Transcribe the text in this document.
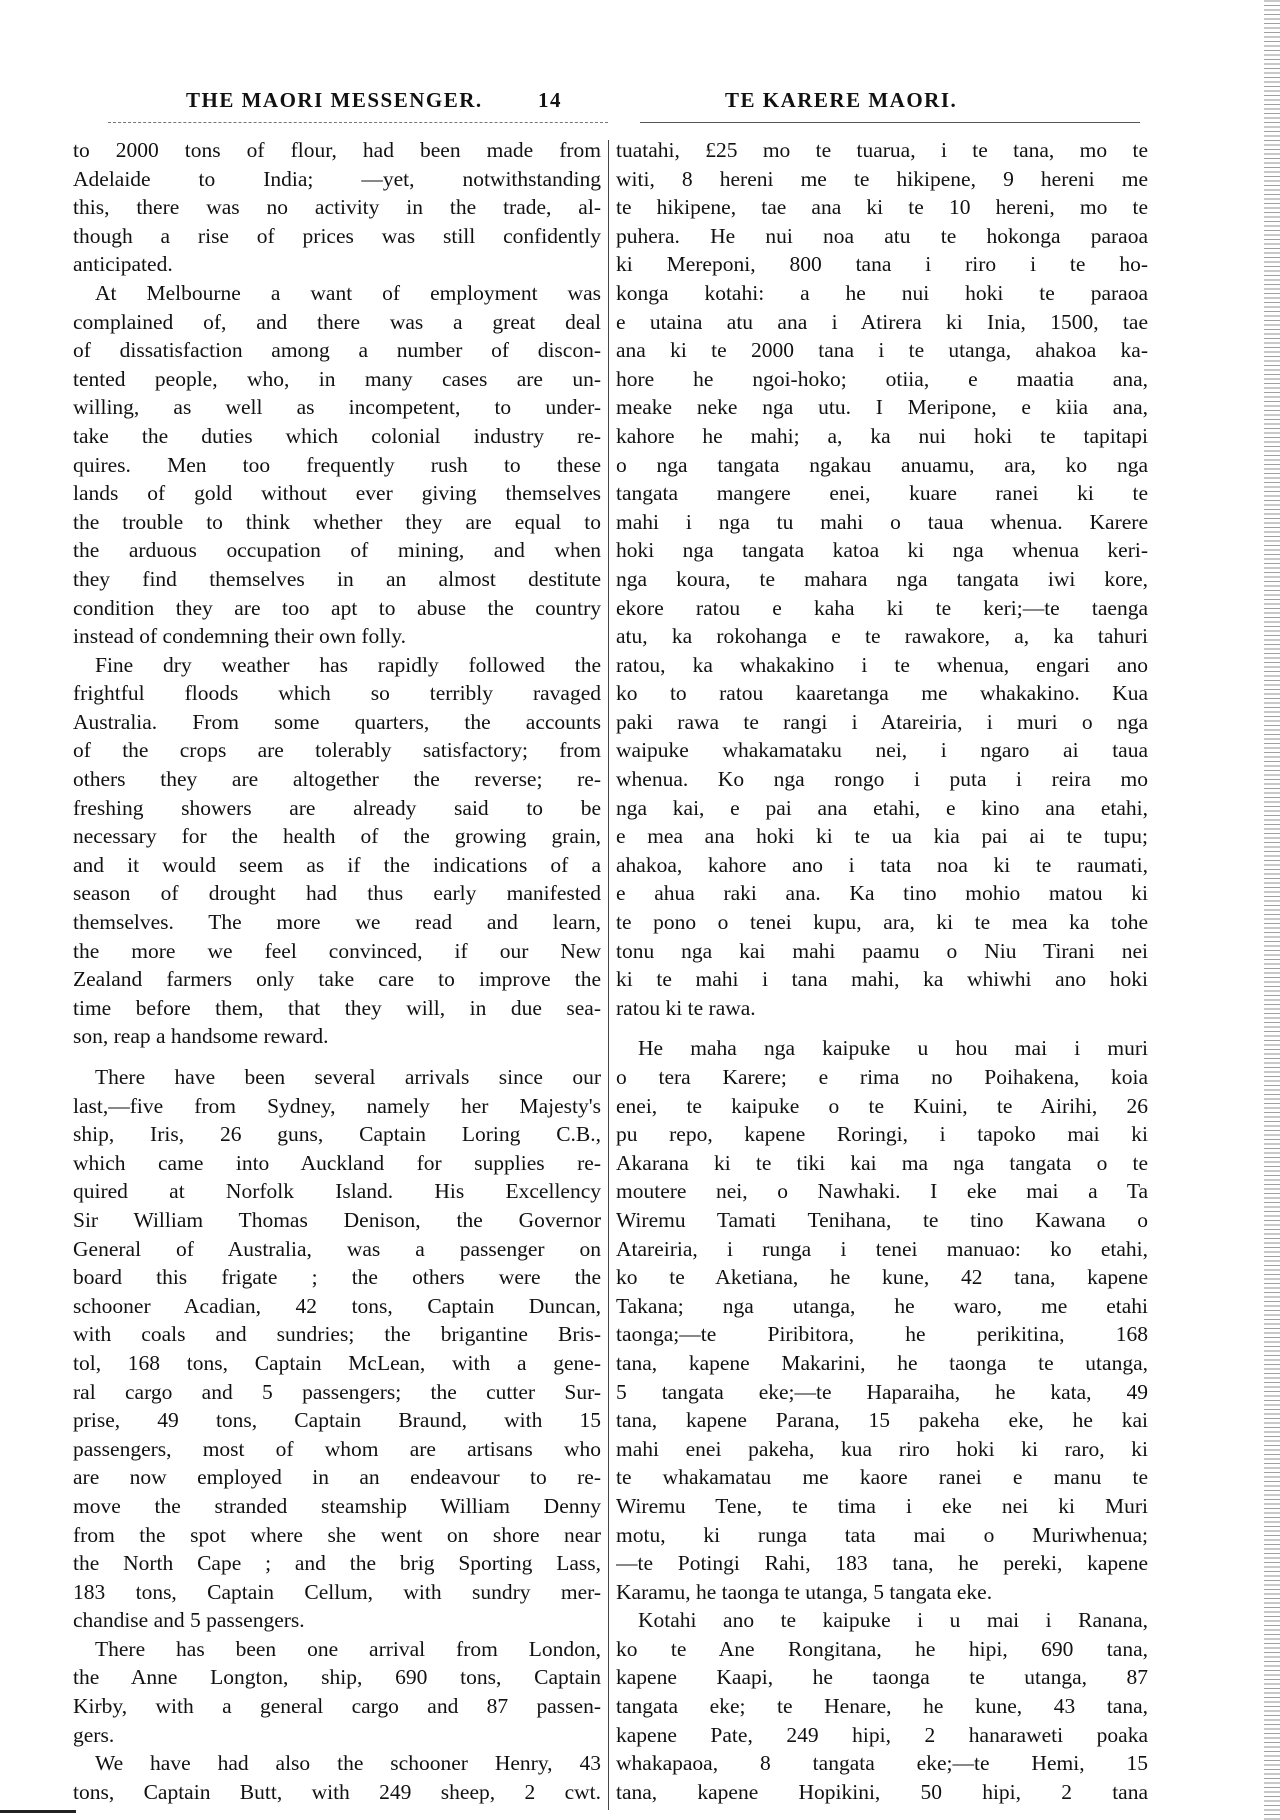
THE MAORI MESSENGER.	14	TE KARERE MAORI.
to 2000 tons of flour, had been made from
Adelaide to India; —yet, notwithstanding
this, there was no activity in the trade, al-
though a rise of prices was still confidently
anticipated.
At Melbourne a want of employment was
complained of, and there was a great deal
of dissatisfaction among a number of discon-
tented people, who, in many cases are un-
willing, as well as incompetent, to under-
take the duties which colonial industry re-
quires. Men too frequently rush to these
lands of gold without ever giving themselves
the trouble to think whether they are equal to
the arduous occupation of mining, and when
they find themselves in an almost destitute
condition they are too apt to abuse the country
instead of condemning their own folly.
Fine dry weather has rapidly followed the
frightful floods which so terribly ravaged
Australia. From some quarters, the accounts
of the crops are tolerably satisfactory; from
others they are altogether the reverse; re-
freshing showers are already said to be
necessary for the health of the growing grain,
and it would seem as if the indications of a
season of drought had thus early manifested
themselves. The more we read and learn,
the more we feel convinced, if our New
Zealand farmers only take care to improve the
time before them, that they will, in due sea-
son, reap a handsome reward.
There have been several arrivals since our
last,—five from Sydney, namely her Majesty's
ship, Iris, 26 guns, Captain Loring C.B.,
which came into Auckland for supplies re-
quired at Norfolk Island. His Excellency
Sir William Thomas Denison, the Governor
General of Australia, was a passenger on
board this frigate ; the others were the
schooner Acadian, 42 tons, Captain Duncan,
with coals and sundries; the brigantine Bris-
tol, 168 tons, Captain McLean, with a gene-
ral cargo and 5 passengers; the cutter Sur-
prise, 49 tons, Captain Braund, with 15
passengers, most of whom are artisans who
are now employed in an endeavour to re-
move the stranded steamship William Denny
from the spot where she went on shore near
the North Cape ; and the brig Sporting Lass,
183 tons, Captain Cellum, with sundry mer-
chandise and 5 passengers.
There has been one arrival from London,
the Anne Longton, ship, 690 tons, Captain
Kirby, with a general cargo and 87 passen-
gers.
We have had also the schooner Henry, 43
tons, Captain Butt, with 249 sheep, 2 cwt.
tuatahi, £25 mo te tuarua, i te tana, mo te
witi, 8 hereni me te hikipene, 9 hereni me
te hikipene, tae ana ki te 10 hereni, mo te
puhera. He nui noa atu te hokonga paraoa
ki Mereponi, 800 tana i riro i te ho-
konga kotahi: a he nui hoki te paraoa
e utaina atu ana i Atirera ki Inia, 1500, tae
ana ki te 2000 tana i te utanga, ahakoa ka-
hore he ngoi-hoko; otiia, e maatia ana,
meake neke nga utu. I Meripone, e kiia ana,
kahore he mahi; a, ka nui hoki te tapitapi
o nga tangata ngakau anuamu, ara, ko nga
tangata mangere enei, kuare ranei ki te
mahi i nga tu mahi o taua whenua. Karere
hoki nga tangata katoa ki nga whenua keri-
nga koura, te mahara nga tangata iwi kore,
ekore ratou e kaha ki te keri;—te taenga
atu, ka rokohanga e te rawakore, a, ka tahuri
ratou, ka whakakino i te whenua, engari ano
ko to ratou kaaretanga me whakakino. Kua
paki rawa te rangi i Atareiria, i muri o nga
waipuke whakamataku nei, i ngaro ai taua
whenua. Ko nga rongo i puta i reira mo
nga kai, e pai ana etahi, e kino ana etahi,
e mea ana hoki ki te ua kia pai ai te tupu;
ahakoa, kahore ano i tata noa ki te raumati,
e ahua raki ana. Ka tino mohio matou ki
te pono o tenei kupu, ara, ki te mea ka tohe
tonu nga kai mahi paamu o Niu Tirani nei
ki te mahi i tana mahi, ka whiwhi ano hoki
ratou ki te rawa.
He maha nga kaipuke u hou mai i muri
o tera Karere; e rima no Poihakena, koia
enei, te kaipuke o te Kuini, te Airihi, 26
pu repo, kapene Roringi, i tapoko mai ki
Akarana ki te tiki kai ma nga tangata o te
moutere nei, o Nawhaki. I eke mai a Ta
Wiremu Tamati Tenihana, te tino Kawana o
Atareiria, i runga i tenei manuao: ko etahi,
ko te Aketiana, he kune, 42 tana, kapene
Takana; nga utanga, he waro, me etahi
taonga;—te Piribitora, he perikitina, 168
tana, kapene Makarini, he taonga te utanga,
5 tangata eke;—te Haparaiha, he kata, 49
tana, kapene Parana, 15 pakeha eke, he kai
mahi enei pakeha, kua riro hoki ki raro, ki
te whakamatau me kaore ranei e manu te
Wiremu Tene, te tima i eke nei ki Muri
motu, ki runga tata mai o Muriwhenua;
—te Potingi Rahi, 183 tana, he pereki, kapene
Karamu, he taonga te utanga, 5 tangata eke.
Kotahi ano te kaipuke i u mai i Ranana,
ko te Ane Rongitana, he hipi, 690 tana,
kapene Kaapi, he taonga te utanga, 87
tangata eke; te Henare, he kune, 43 tana,
kapene Pate, 249 hipi, 2 hanaraweti poaka
whakapaoa, 8 tangata eke;—te Hemi, 15
tana, kapene Hopikini, 50 hipi, 2 tana
